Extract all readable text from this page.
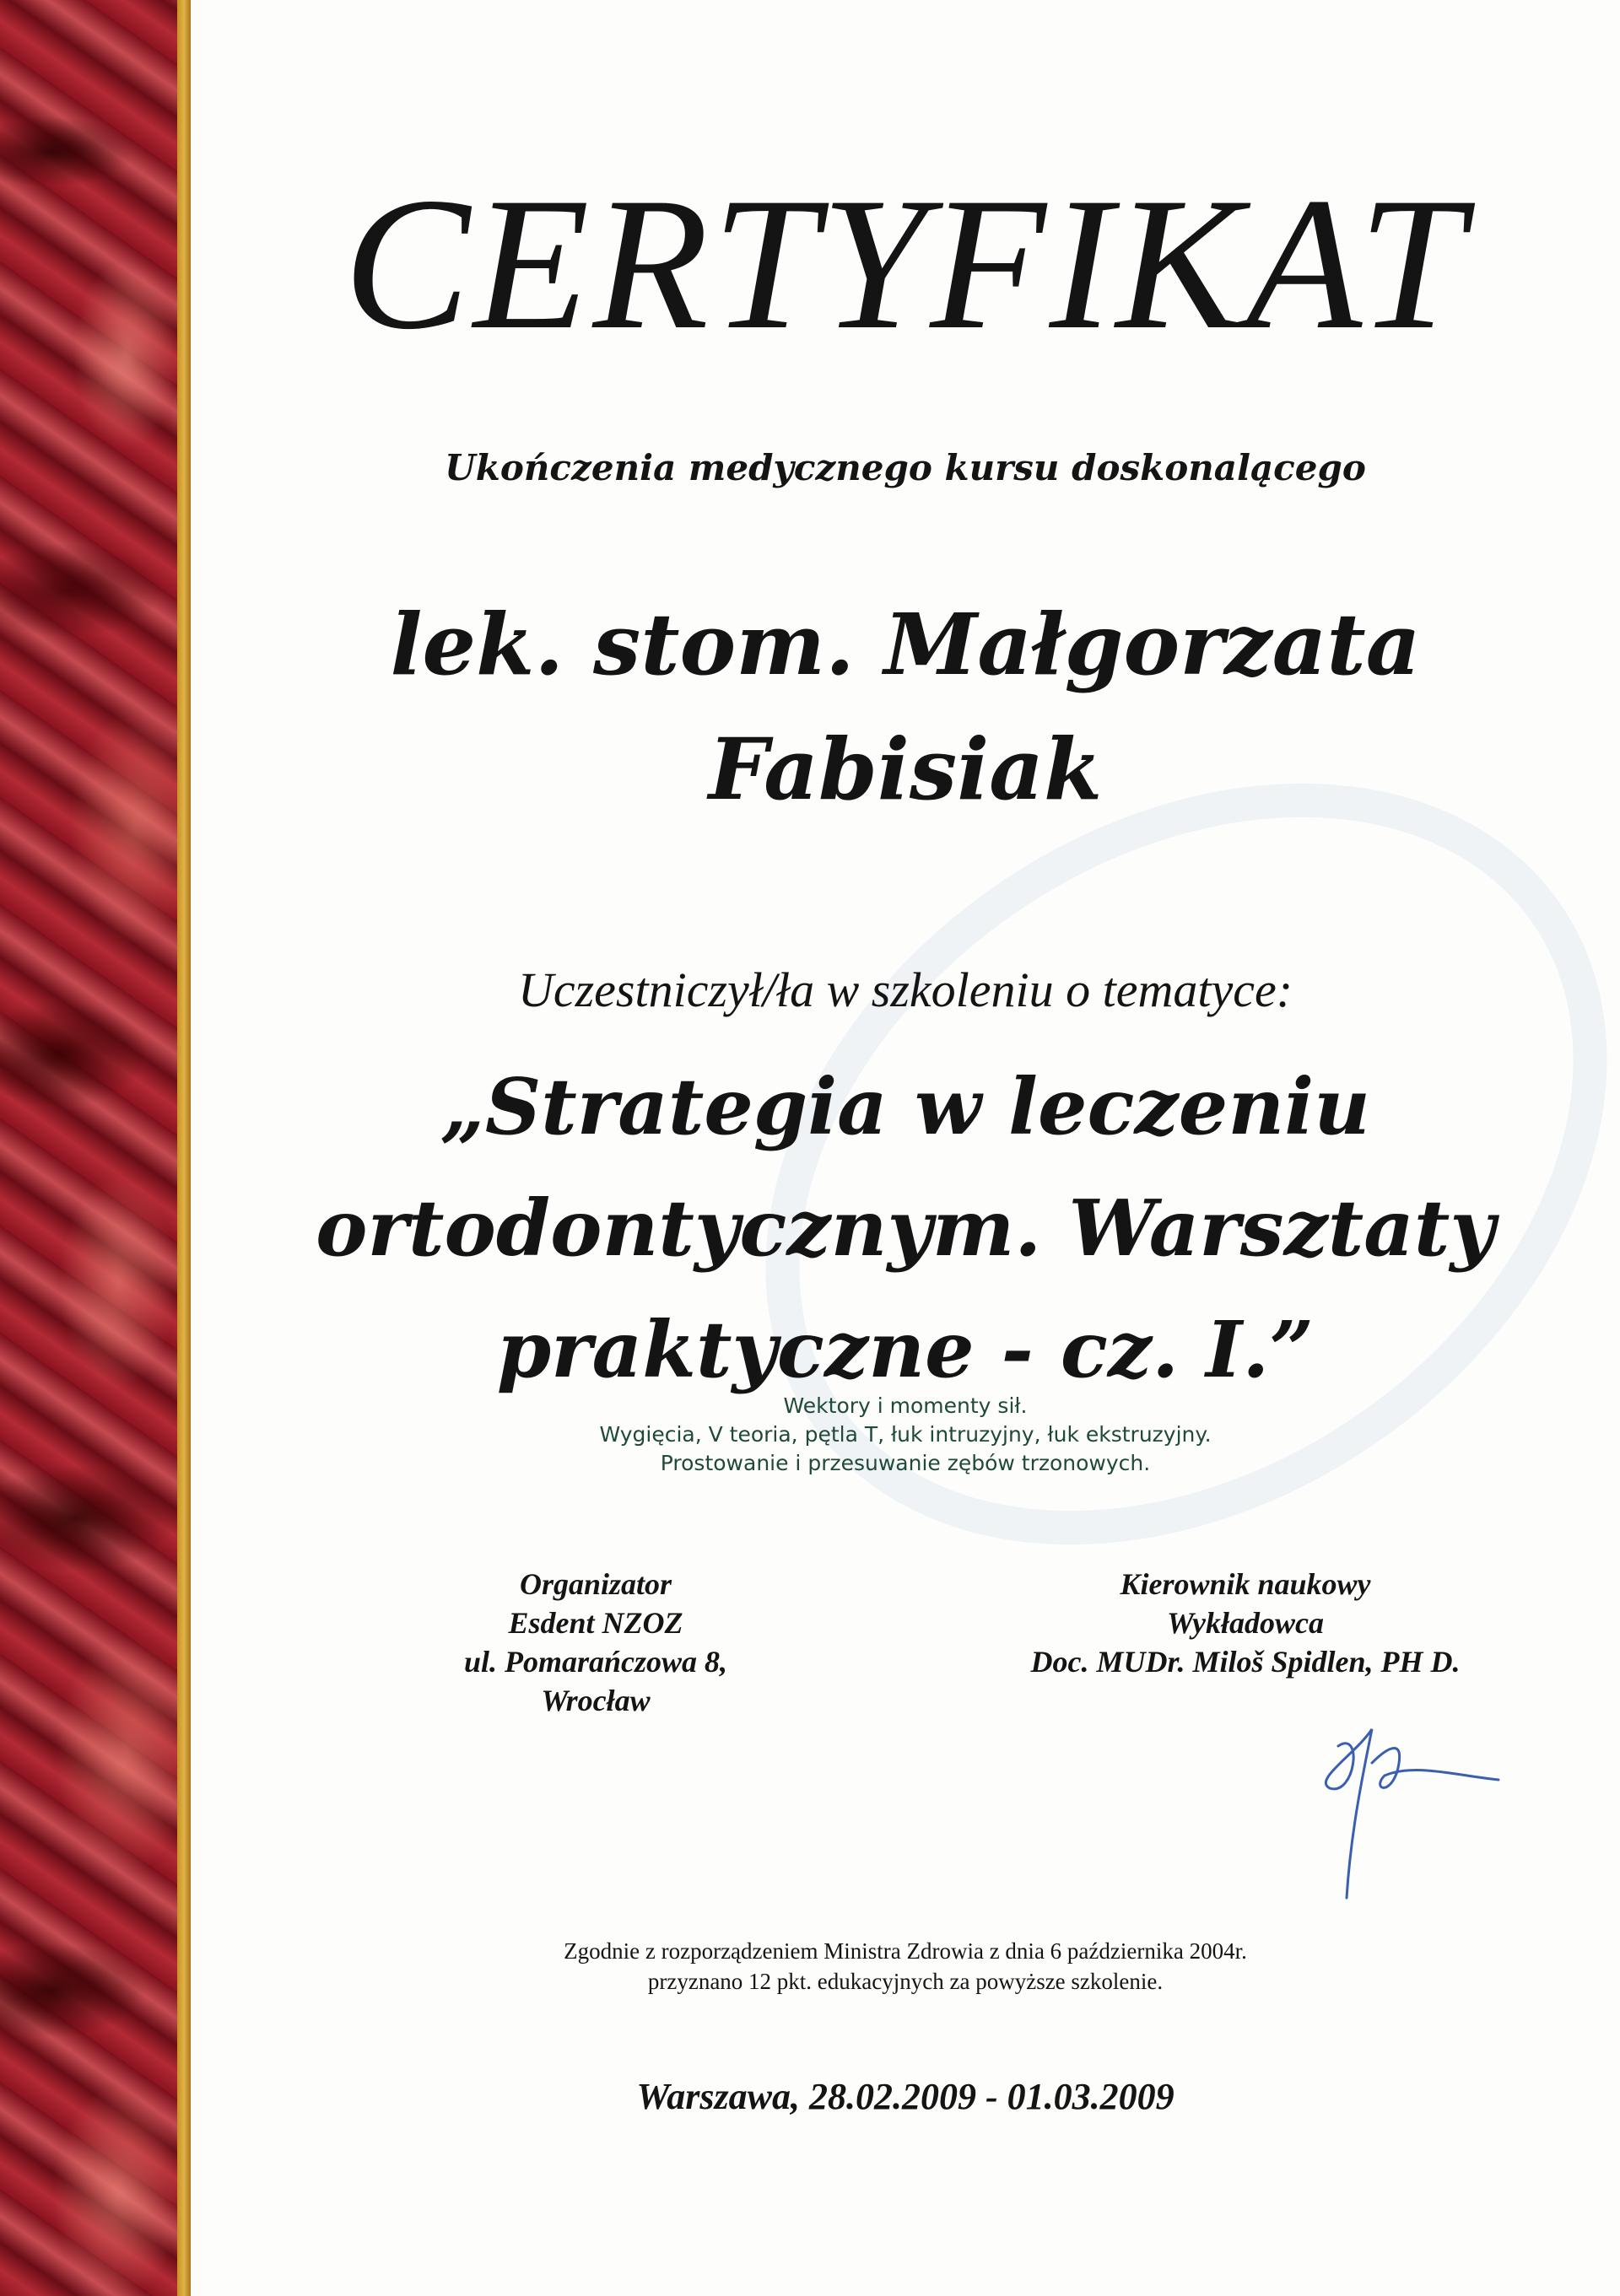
CERTYFIKAT
Ukończenia medycznego kursu doskonalącego
lek. stom. Małgorzata
Fabisiak
Uczestniczył/ła w szkoleniu o tematyce:
„Strategia w leczeniu
ortodontycznym. Warsztaty
praktyczne - cz. I.”
Wektory i momenty sił.
Wygięcia, V teoria, pętla T, łuk intruzyjny, łuk ekstruzyjny.
Prostowanie i przesuwanie zębów trzonowych.
Organizator
Esdent NZOZ
ul. Pomarańczowa 8,
Wrocław
Kierownik naukowy
Wykładowca
Doc. MUDr. Miloš Spidlen, PH D.
Zgodnie z rozporządzeniem Ministra Zdrowia z dnia 6 października 2004r.
przyznano 12 pkt. edukacyjnych za powyższe szkolenie.
Warszawa, 28.02.2009 - 01.03.2009
